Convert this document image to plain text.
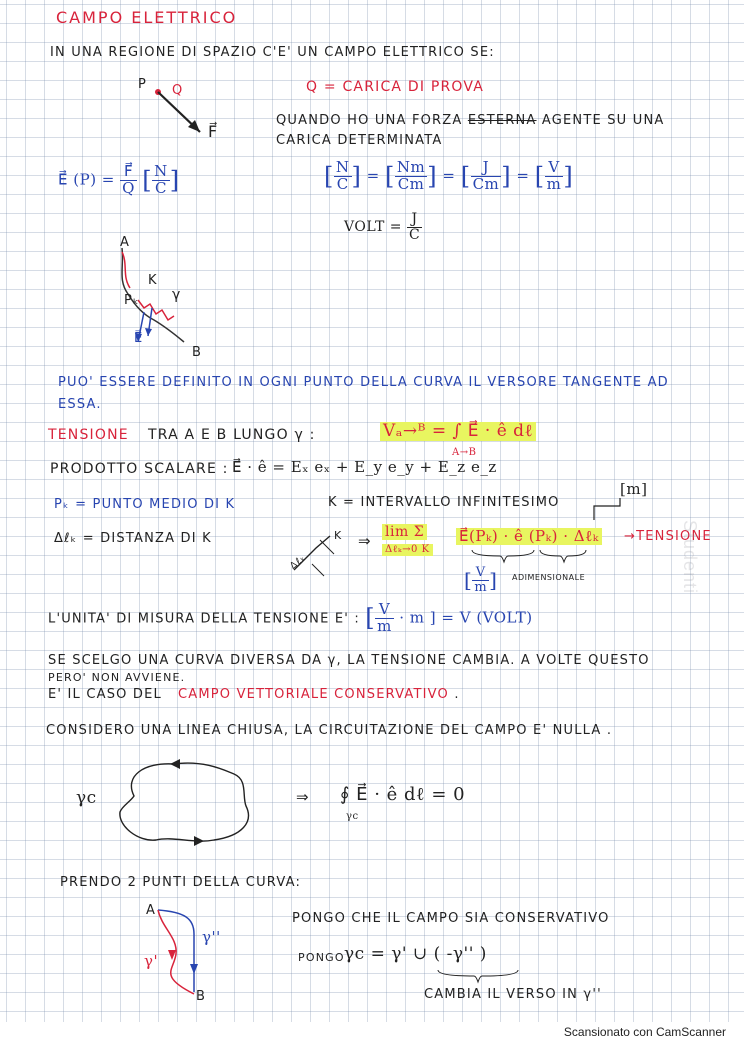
CAMPO ELETTRICO
IN UNA REGIONE DI SPAZIO C'E' UN CAMPO ELETTRICO SE:
P Q
F⃗
Q = CARICA DI PROVA
QUANDO HO UNA FORZA ESTERNA AGENTE SU UNA
CARICA DETERMINATA
E⃗ $(P) = \frac{F⃗}{Q}$ [ $\frac{N}{C}$ ]	[ $\frac{N}{C}$ ] = [ $\frac{Nm}{Cm}$ ] = [ $\frac{J}{Cm}$ ] = [ $\frac{V}{m}$ ]
VOLT = $\frac{J}{C}$
A
K
Pₖ γ
E⃗
B
PUO' ESSERE DEFINITO IN OGNI PUNTO DELLA CURVA IL VERSORE TANGENTE AD
ESSA.
TENSIONE TRA A E B LUNGO γ :	Vₐ→ᴮ = ∫ E⃗ · ê dℓ
A→B
PRODOTTO SCALARE : E⃗ · ê = Eₓ eₓ + E_y e_y + E_z e_z
Pₖ = PUNTO MEDIO DI K	K = INTERVALLO INFINITESIMO
[m]
Δℓₖ = DISTANZA DI K	K
Δℓₖ
⇒ lim Σ
Δℓₖ→0 K
E⃗(Pₖ) · ê (Pₖ) · Δℓₖ →TENSIONE
[ $\frac{V}{m}$ ] ADIMENSIONALE
L'UNITA' DI MISURA DELLA TENSIONE E' : [ $\frac{V}{m} \cdot m$ ] = V (VOLT)
SE SCELGO UNA CURVA DIVERSA DA γ, LA TENSIONE CAMBIA. A VOLTE QUESTO
PERO' NON AVVIENE.
E' IL CASO DEL CAMPO VETTORIALE CONSERVATIVO .
CONSIDERO UNA LINEA CHIUSA, LA CIRCUITAZIONE DEL CAMPO E' NULLA .
γc	⇒ ∮ E⃗ · ê dℓ = 0
γc
PRENDO 2 PUNTI DELLA CURVA:
A
γ'
γ''
B
PONGO CHE IL CAMPO SIA CONSERVATIVO
PONGO γc = γ' ∪ ( -γ'' )
CAMBIA IL VERSO IN γ''
Studenti
Scansionato con CamScanner
